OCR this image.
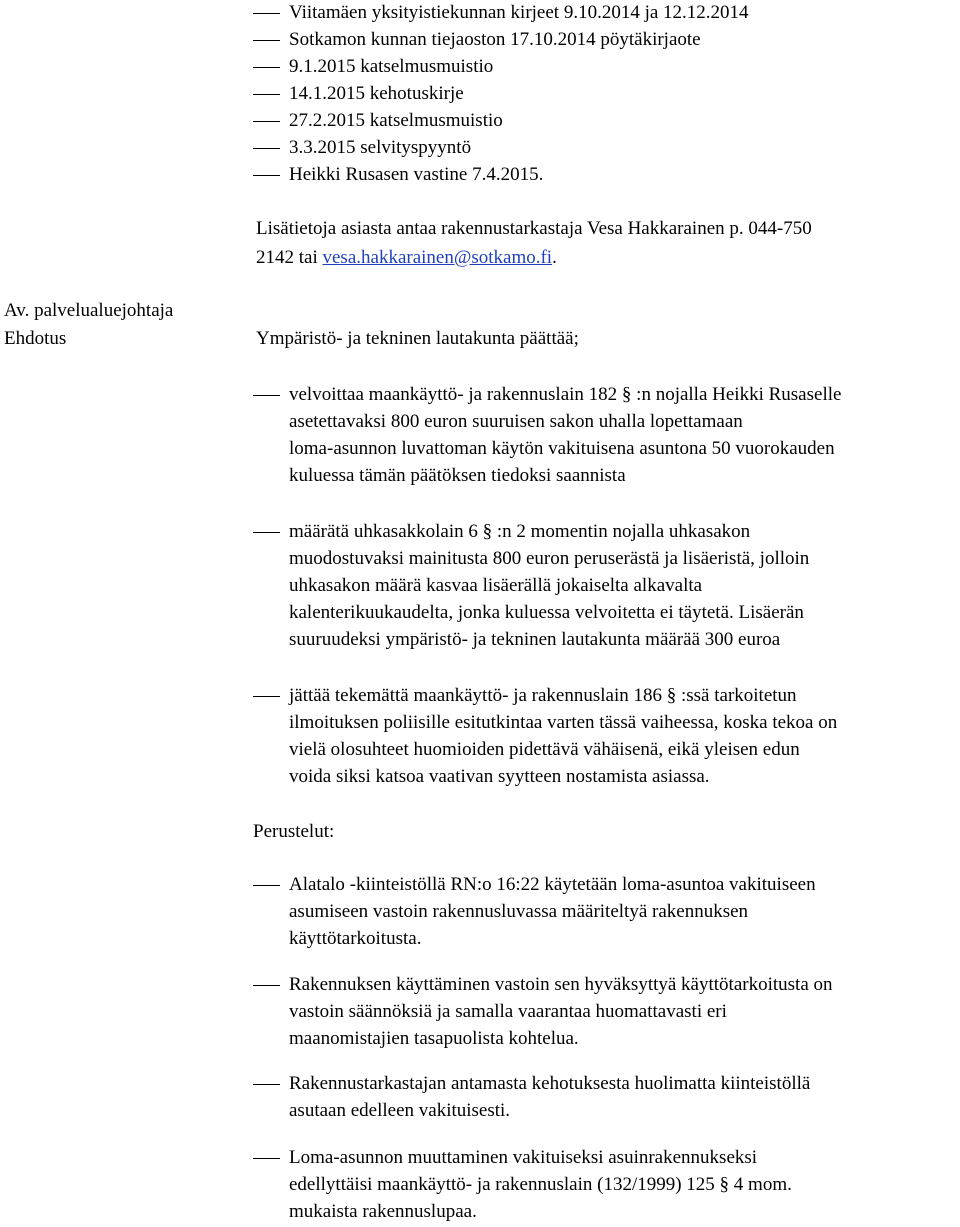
Viitamäen yksityistiekunnan kirjeet 9.10.2014 ja 12.12.2014
Sotkamon kunnan tiejaoston 17.10.2014 pöytäkirjaote
9.1.2015 katselmusmuistio
14.1.2015 kehotuskirje
27.2.2015 katselmusmuistio
3.3.2015 selvityspyyntö
Heikki Rusasen vastine 7.4.2015.
Lisätietoja asiasta antaa rakennustarkastaja Vesa Hakkarainen p. 044-750
2142 tai vesa.hakkarainen@sotkamo.fi.
Av. palvelualuejohtaja
Ehdotus	Ympäristö- ja tekninen lautakunta päättää;
velvoittaa maankäyttö- ja rakennuslain 182 § :n nojalla Heikki Rusaselle
asetettavaksi 800 euron suuruisen sakon uhalla lopettamaan
loma-asunnon luvattoman käytön vakituisena asuntona 50 vuorokauden
kuluessa tämän päätöksen tiedoksi saannista
määrätä uhkasakkolain 6 § :n 2 momentin nojalla uhkasakon
muodostuvaksi mainitusta 800 euron peruserästä ja lisäeristä, jolloin
uhkasakon määrä kasvaa lisäerällä jokaiselta alkavalta
kalenterikuukaudelta, jonka kuluessa velvoitetta ei täytetä. Lisäerän
suuruudeksi ympäristö- ja tekninen lautakunta määrää 300 euroa
jättää tekemättä maankäyttö- ja rakennuslain 186 § :ssä tarkoitetun
ilmoituksen poliisille esitutkintaa varten tässä vaiheessa, koska tekoa on
vielä olosuhteet huomioiden pidettävä vähäisenä, eikä yleisen edun
voida siksi katsoa vaativan syytteen nostamista asiassa.
Perustelut:
Alatalo -kiinteistöllä RN:o 16:22 käytetään loma-asuntoa vakituiseen
asumiseen vastoin rakennusluvassa määriteltyä rakennuksen
käyttötarkoitusta.
Rakennuksen käyttäminen vastoin sen hyväksyttyä käyttötarkoitusta on
vastoin säännöksiä ja samalla vaarantaa huomattavasti eri
maanomistajien tasapuolista kohtelua.
Rakennustarkastajan antamasta kehotuksesta huolimatta kiinteistöllä
asutaan edelleen vakituisesti.
Loma-asunnon muuttaminen vakituiseksi asuinrakennukseksi
edellyttäisi maankäyttö- ja rakennuslain (132/1999) 125 § 4 mom.
mukaista rakennuslupaa.
